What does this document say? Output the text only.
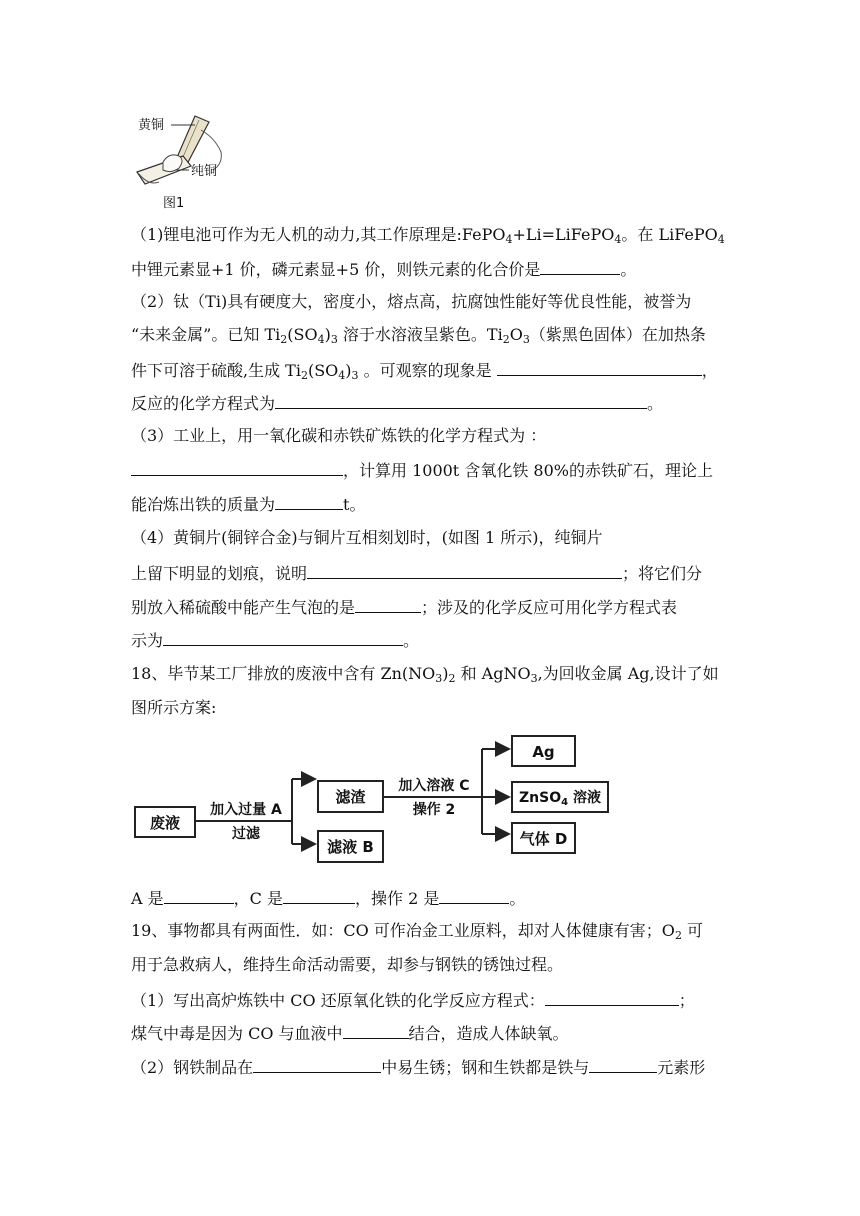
黄铜
纯铜
图1
（1)锂电池可作为无人机的动力,其工作原理是:FePO$_4$+Li=LiFePO$_4$。在 LiFePO$_4$
中锂元素显+1 价，磷元素显+5 价，则铁元素的化合价是	。
（2）钛（Ti)具有硬度大，密度小，熔点高，抗腐蚀性能好等优良性能，被誉为
“未来金属”。已知 $Ti_2(SO_4)_3$ 溶于水溶液呈紫色。$Ti_2O_3$（紫黑色固体）在加热条
件下可溶于硫酸,生成 $Ti_2(SO_4)_3$ 。可观察的现象是	，
反应的化学方程式为	。
（3）工业上，用一氧化碳和赤铁矿炼铁的化学方程式为 ：
，计算用 1000t 含氧化铁 80%的赤铁矿石，理论上
能冶炼出铁的质量为	t。
（4）黄铜片(铜锌合金)与铜片互相刻划时，(如图 1 所示)，纯铜片
上留下明显的划痕，说明	；将它们分
别放入稀硫酸中能产生气泡的是	；涉及的化学反应可用化学方程式表
示为	。
18、毕节某工厂排放的废液中含有 $Zn(NO_3)_2$ 和 AgNO$_3$,为回收金属 Ag,设计了如
图所示方案:
废液
加入过量 A
过滤
滤渣
滤液 B
加入溶液 C
操作 2
Ag
ZnSO$_4$ 溶液
气体 D
A 是	，C 是	，操作 2 是	。
19、事物都具有两面性．如：CO 可作冶金工业原料，却对人体健康有害；$O_2$ 可
用于急救病人，维持生命活动需要，却参与钢铁的锈蚀过程。
（1）写出高炉炼铁中 CO 还原氧化铁的化学反应方程式：	；
煤气中毒是因为 CO 与血液中	结合，造成人体缺氧。
（2）钢铁制品在	中易生锈；钢和生铁都是铁与	元素形
